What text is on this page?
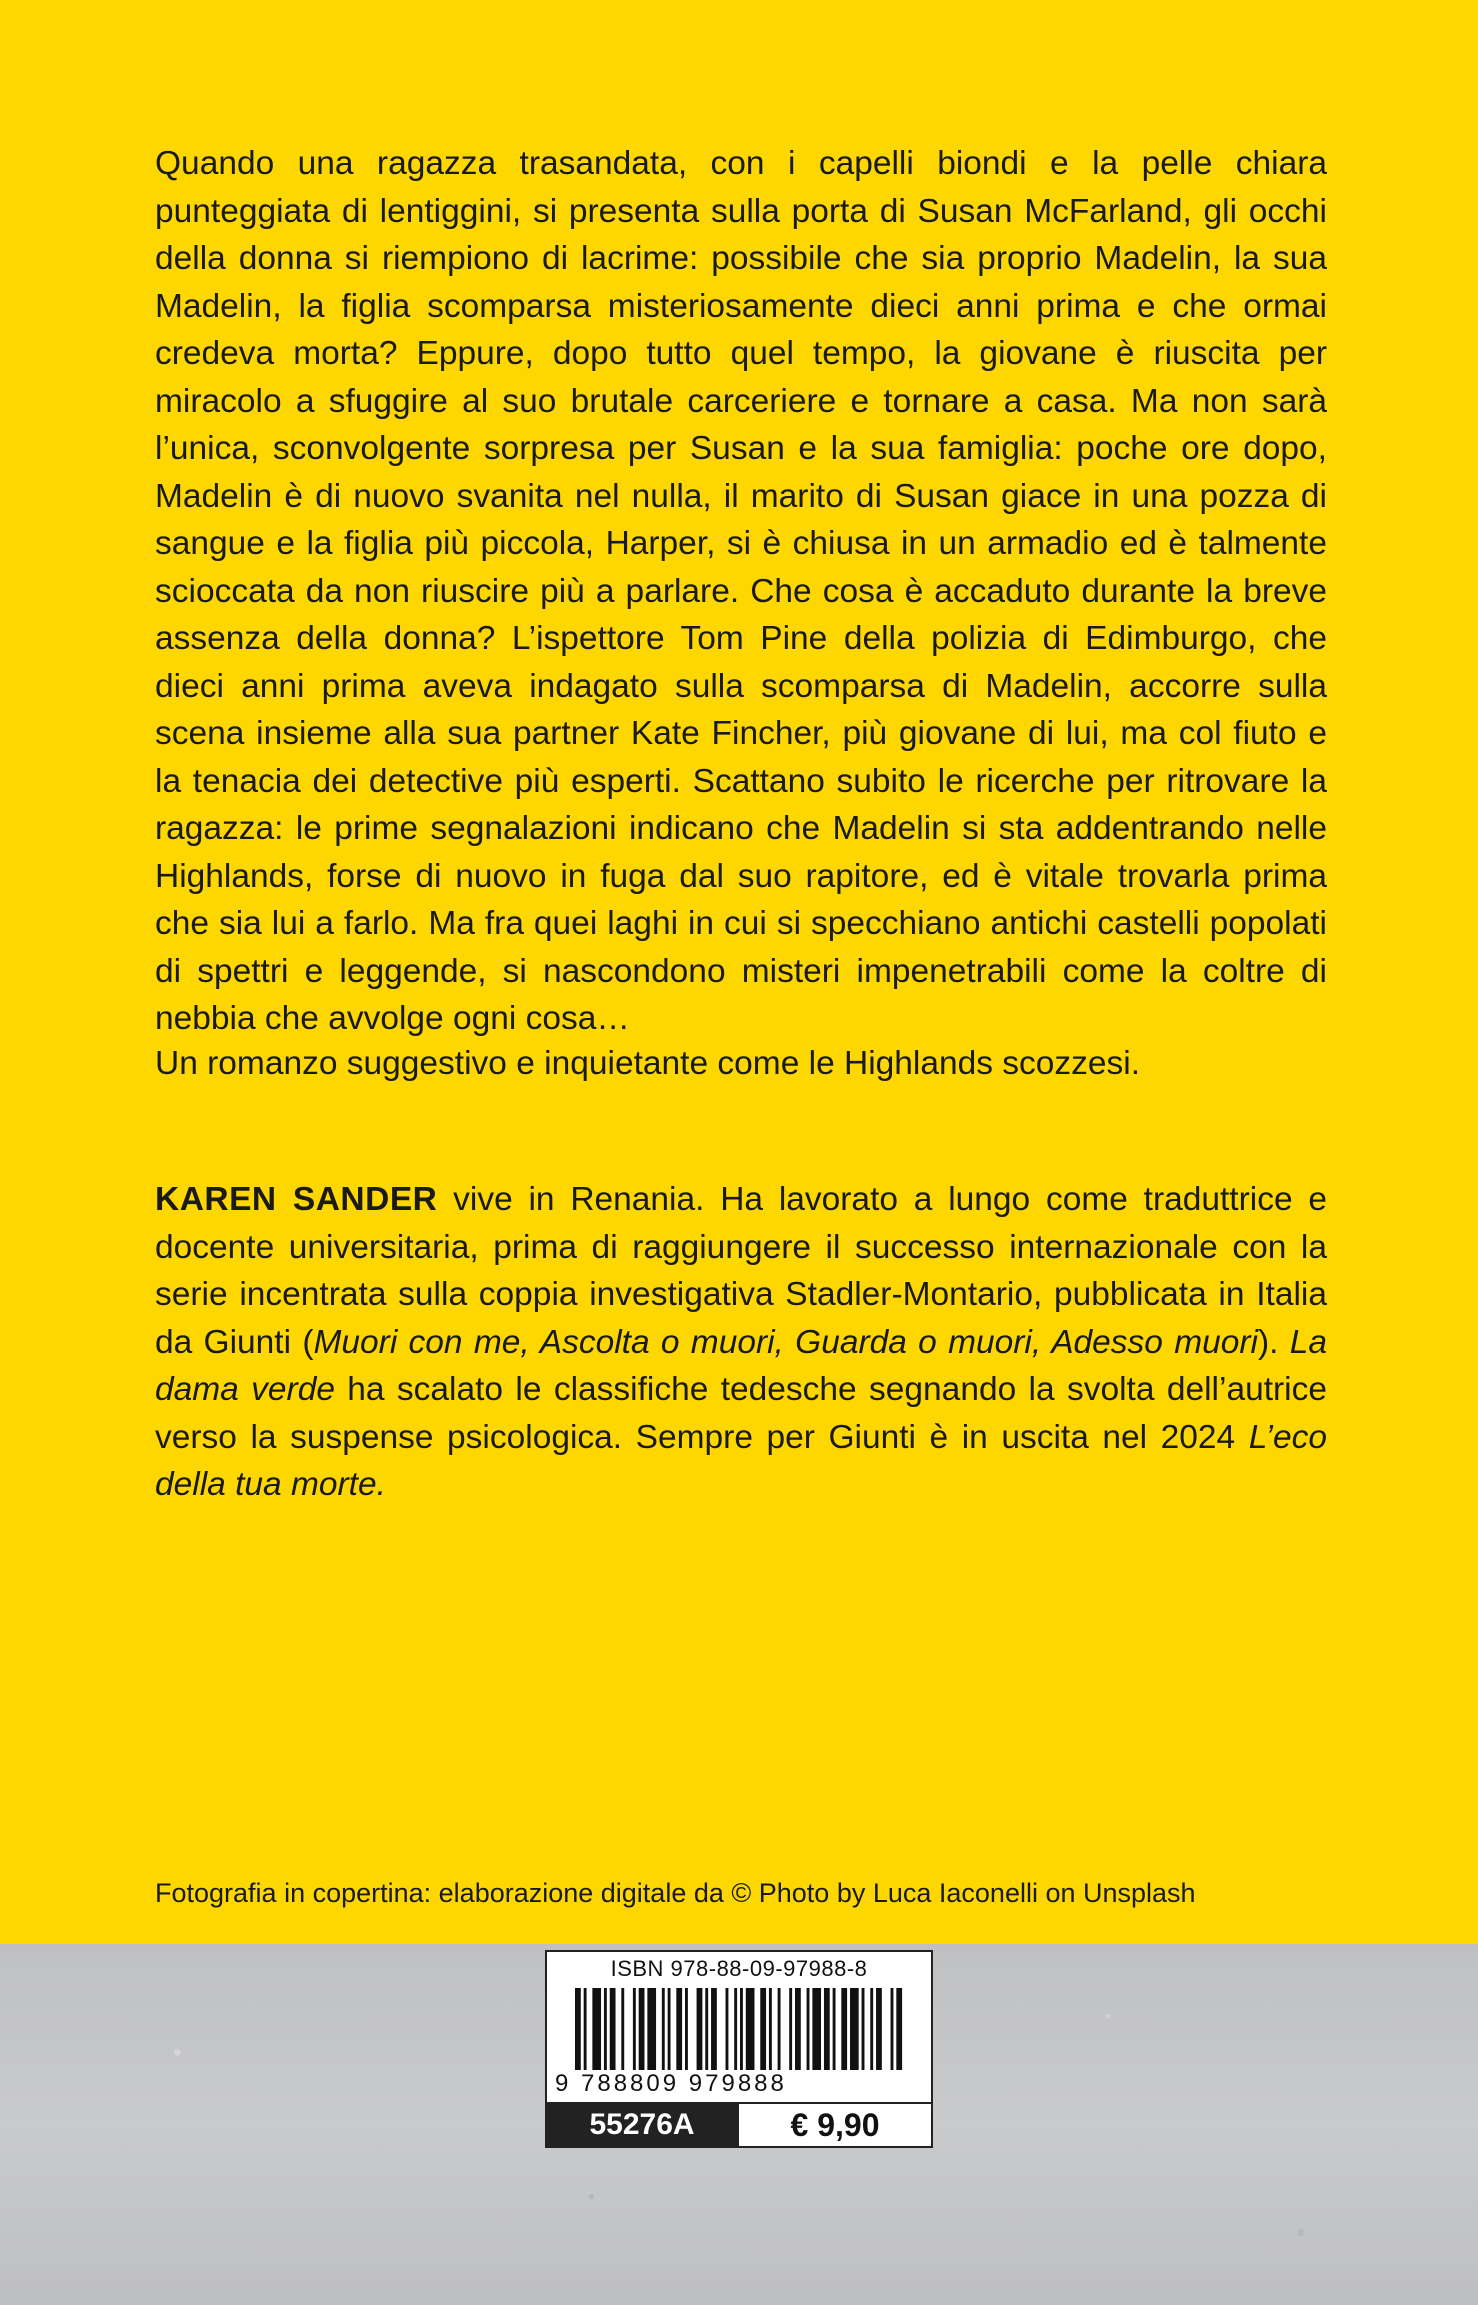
Quando una ragazza trasandata, con i capelli biondi e la pelle chiara punteggiata di lentiggini, si presenta sulla porta di Susan McFarland, gli occhi della donna si riempiono di lacrime: possibile che sia proprio Madelin, la sua Madelin, la figlia scomparsa misteriosamente dieci anni prima e che ormai credeva morta? Eppure, dopo tutto quel tempo, la giovane è riuscita per miracolo a sfuggire al suo brutale carceriere e tornare a casa. Ma non sarà l’unica, sconvolgente sorpresa per Susan e la sua famiglia: poche ore dopo, Madelin è di nuovo svanita nel nulla, il marito di Susan giace in una pozza di sangue e la figlia più piccola, Harper, si è chiusa in un armadio ed è talmente scioccata da non riuscire più a parlare. Che cosa è accaduto durante la breve assenza della donna? L’ispettore Tom Pine della polizia di Edimburgo, che dieci anni prima aveva indagato sulla scomparsa di Madelin, accorre sulla scena insieme alla sua partner Kate Fincher, più giovane di lui, ma col fiuto e la tenacia dei detective più esperti. Scattano subito le ricerche per ritrovare la ragazza: le prime segnalazioni indicano che Madelin si sta addentrando nelle Highlands, forse di nuovo in fuga dal suo rapitore, ed è vitale trovarla prima che sia lui a farlo. Ma fra quei laghi in cui si specchiano antichi castelli popolati di spettri e leggende, si nascondono misteri impenetrabili come la coltre di nebbia che avvolge ogni cosa…

Un romanzo suggestivo e inquietante come le Highlands scozzesi.

KAREN SANDER vive in Renania. Ha lavorato a lungo come traduttrice e docente universitaria, prima di raggiungere il successo internazionale con la serie incentrata sulla coppia investigativa Stadler-Montario, pubblicata in Italia da Giunti (Muori con me, Ascolta o muori, Guarda o muori, Adesso muori). La dama verde ha scalato le classifiche tedesche segnando la svolta dell’autrice verso la suspense psicologica. Sempre per Giunti è in uscita nel 2024 L’eco della tua morte.

Fotografia in copertina: elaborazione digitale da © Photo by Luca Iaconelli on Unsplash

ISBN 978-88-09-97988-8
9 788809 979888
55276A	€ 9,90
